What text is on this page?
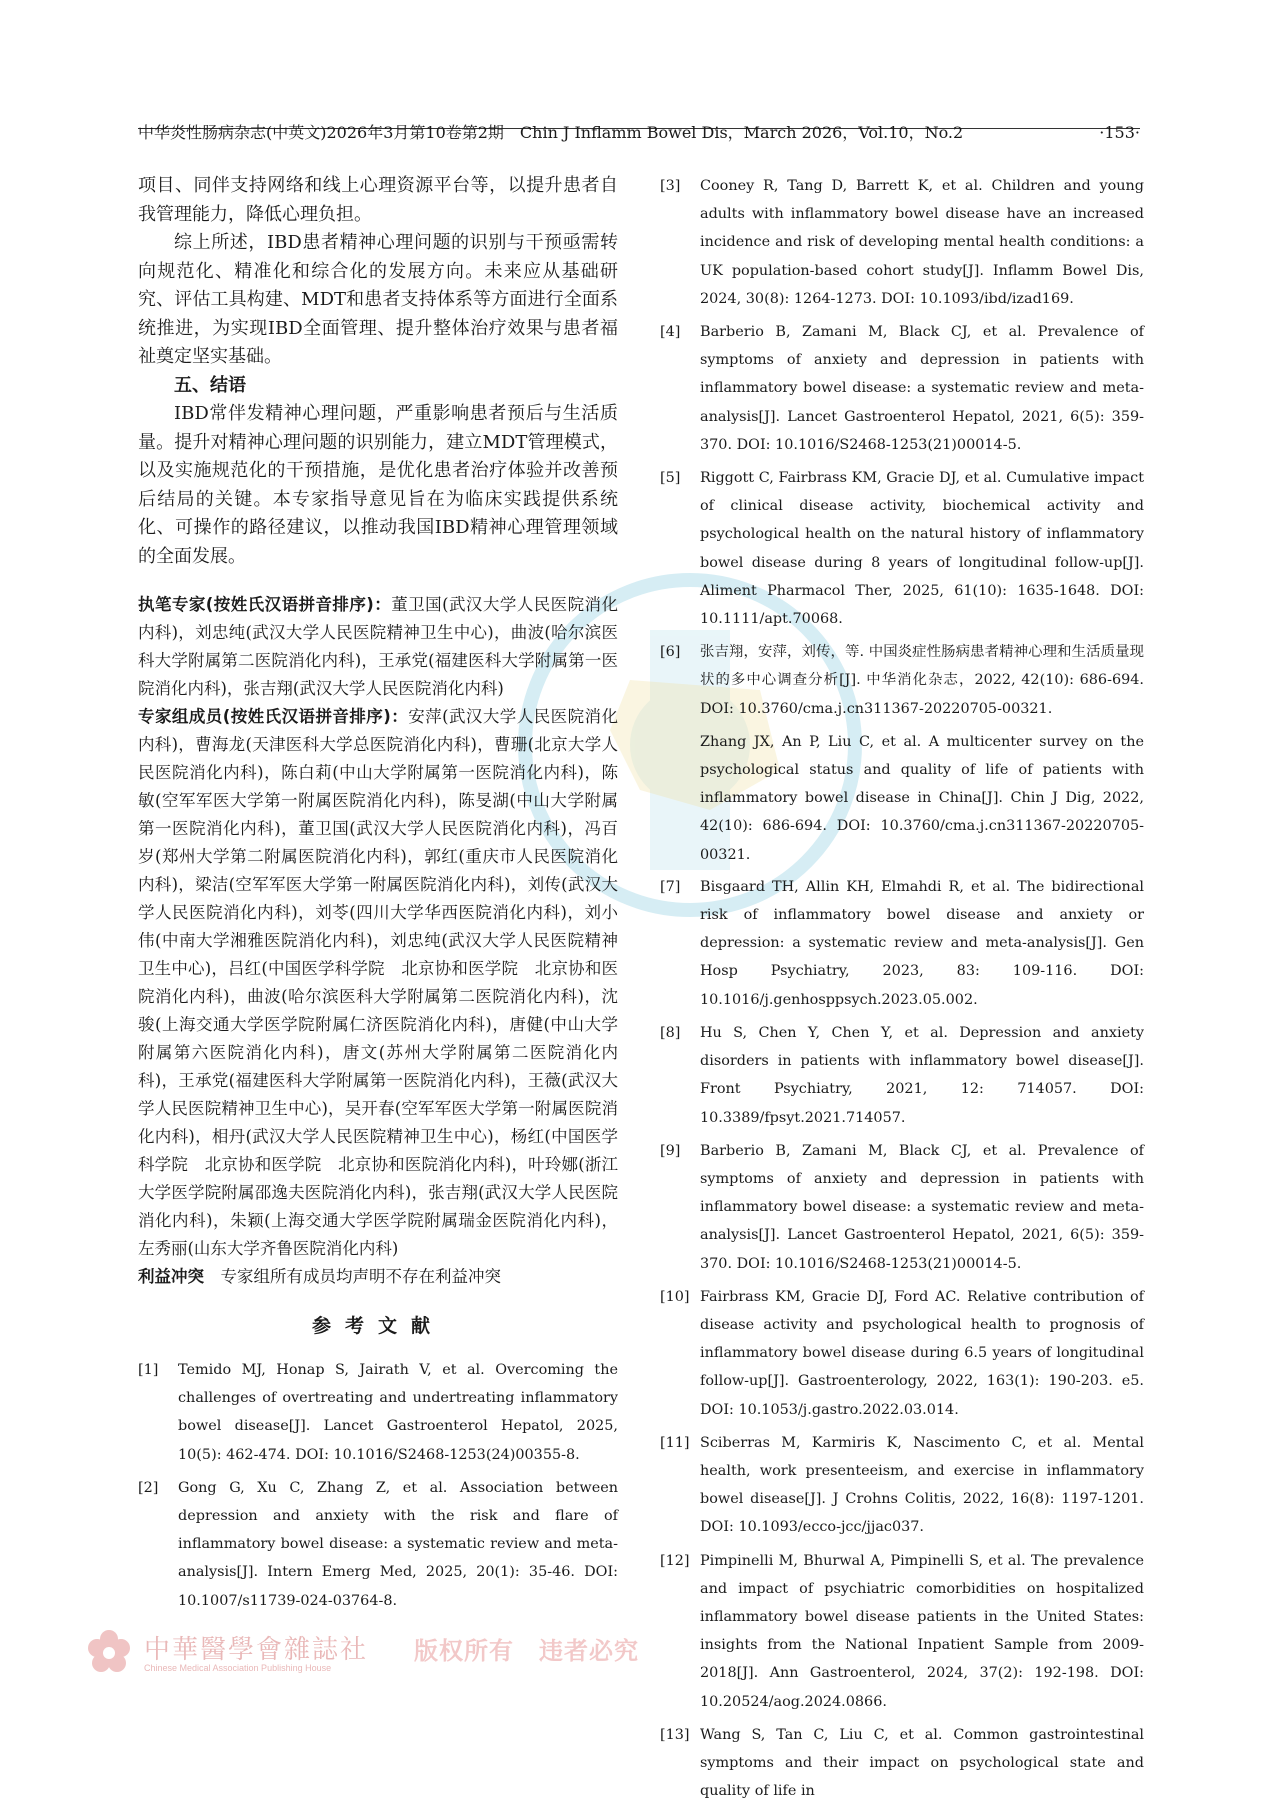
中华炎性肠病杂志(中英文)2026年3月第10卷第2期　Chin J Inflamm Bowel Dis，March 2026，Vol.10，No.2	·153·

项目、同伴支持网络和线上心理资源平台等，以提升患者自我管理能力，降低心理负担。

综上所述，IBD患者精神心理问题的识别与干预亟需转向规范化、精准化和综合化的发展方向。未来应从基础研究、评估工具构建、MDT和患者支持体系等方面进行全面系统推进，为实现IBD全面管理、提升整体治疗效果与患者福祉奠定坚实基础。

五、结语

IBD常伴发精神心理问题，严重影响患者预后与生活质量。提升对精神心理问题的识别能力，建立MDT管理模式，以及实施规范化的干预措施，是优化患者治疗体验并改善预后结局的关键。本专家指导意见旨在为临床实践提供系统化、可操作的路径建议，以推动我国IBD精神心理管理领域的全面发展。

执笔专家(按姓氏汉语拼音排序)：董卫国(武汉大学人民医院消化内科)，刘忠纯(武汉大学人民医院精神卫生中心)，曲波(哈尔滨医科大学附属第二医院消化内科)，王承党(福建医科大学附属第一医院消化内科)，张吉翔(武汉大学人民医院消化内科)

专家组成员(按姓氏汉语拼音排序)：安萍(武汉大学人民医院消化内科)，曹海龙(天津医科大学总医院消化内科)，曹珊(北京大学人民医院消化内科)，陈白莉(中山大学附属第一医院消化内科)，陈敏(空军军医大学第一附属医院消化内科)，陈旻湖(中山大学附属第一医院消化内科)，董卫国(武汉大学人民医院消化内科)，冯百岁(郑州大学第二附属医院消化内科)，郭红(重庆市人民医院消化内科)，梁洁(空军军医大学第一附属医院消化内科)，刘传(武汉大学人民医院消化内科)，刘苓(四川大学华西医院消化内科)，刘小伟(中南大学湘雅医院消化内科)，刘忠纯(武汉大学人民医院精神卫生中心)，吕红(中国医学科学院　北京协和医学院　北京协和医院消化内科)，曲波(哈尔滨医科大学附属第二医院消化内科)，沈骏(上海交通大学医学院附属仁济医院消化内科)，唐健(中山大学附属第六医院消化内科)，唐文(苏州大学附属第二医院消化内科)，王承党(福建医科大学附属第一医院消化内科)，王薇(武汉大学人民医院精神卫生中心)，吴开春(空军军医大学第一附属医院消化内科)，相丹(武汉大学人民医院精神卫生中心)，杨红(中国医学科学院　北京协和医学院　北京协和医院消化内科)，叶玲娜(浙江大学医学院附属邵逸夫医院消化内科)，张吉翔(武汉大学人民医院消化内科)，朱颖(上海交通大学医学院附属瑞金医院消化内科)，左秀丽(山东大学齐鲁医院消化内科)

利益冲突　 专家组所有成员均声明不存在利益冲突

参考文献
[1] Temido MJ, Honap S, Jairath V, et al. Overcoming the challenges of overtreating and undertreating inflammatory bowel disease[J]. Lancet Gastroenterol Hepatol, 2025, 10(5): 462-474. DOI: 10.1016/S2468-1253(24)00355-8.
[2] Gong G, Xu C, Zhang Z, et al. Association between depression and anxiety with the risk and flare of inflammatory bowel disease: a systematic review and meta-analysis[J]. Intern Emerg Med, 2025, 20(1): 35-46. DOI: 10.1007/s11739-024-03764-8.
[3] Cooney R, Tang D, Barrett K, et al. Children and young adults with inflammatory bowel disease have an increased incidence and risk of developing mental health conditions: a UK population-based cohort study[J]. Inflamm Bowel Dis, 2024, 30(8): 1264-1273. DOI: 10.1093/ibd/izad169.
[4] Barberio B, Zamani M, Black CJ, et al. Prevalence of symptoms of anxiety and depression in patients with inflammatory bowel disease: a systematic review and meta-analysis[J]. Lancet Gastroenterol Hepatol, 2021, 6(5): 359-370. DOI: 10.1016/S2468-1253(21)00014-5.
[5] Riggott C, Fairbrass KM, Gracie DJ, et al. Cumulative impact of clinical disease activity, biochemical activity and psychological health on the natural history of inflammatory bowel disease during 8 years of longitudinal follow-up[J]. Aliment Pharmacol Ther, 2025, 61(10): 1635-1648. DOI: 10.1111/apt.70068.
[6] 张吉翔，安萍，刘传，等. 中国炎症性肠病患者精神心理和生活质量现状的多中心调查分析[J]. 中华消化杂志，2022, 42(10): 686-694. DOI: 10.3760/cma.j.cn311367-20220705-00321.
Zhang JX, An P, Liu C, et al. A multicenter survey on the psychological status and quality of life of patients with inflammatory bowel disease in China[J]. Chin J Dig, 2022, 42(10): 686-694. DOI: 10.3760/cma.j.cn311367-20220705-00321.
[7] Bisgaard TH, Allin KH, Elmahdi R, et al. The bidirectional risk of inflammatory bowel disease and anxiety or depression: a systematic review and meta-analysis[J]. Gen Hosp Psychiatry, 2023, 83: 109-116. DOI: 10.1016/j.genhosppsych.2023.05.002.
[8] Hu S, Chen Y, Chen Y, et al. Depression and anxiety disorders in patients with inflammatory bowel disease[J]. Front Psychiatry, 2021, 12: 714057. DOI: 10.3389/fpsyt.2021.714057.
[9] Barberio B, Zamani M, Black CJ, et al. Prevalence of symptoms of anxiety and depression in patients with inflammatory bowel disease: a systematic review and meta-analysis[J]. Lancet Gastroenterol Hepatol, 2021, 6(5): 359-370. DOI: 10.1016/S2468-1253(21)00014-5.
[10] Fairbrass KM, Gracie DJ, Ford AC. Relative contribution of disease activity and psychological health to prognosis of inflammatory bowel disease during 6.5 years of longitudinal follow-up[J]. Gastroenterology, 2022, 163(1): 190-203. e5. DOI: 10.1053/j.gastro.2022.03.014.
[11] Sciberras M, Karmiris K, Nascimento C, et al. Mental health, work presenteeism, and exercise in inflammatory bowel disease[J]. J Crohns Colitis, 2022, 16(8): 1197-1201. DOI: 10.1093/ecco-jcc/jjac037.
[12] Pimpinelli M, Bhurwal A, Pimpinelli S, et al. The prevalence and impact of psychiatric comorbidities on hospitalized inflammatory bowel disease patients in the United States: insights from the National Inpatient Sample from 2009-2018[J]. Ann Gastroenterol, 2024, 37(2): 192-198. DOI: 10.20524/aog.2024.0866.
[13] Wang S, Tan C, Liu C, et al. Common gastrointestinal symptoms and their impact on psychological state and quality of life in
中華醫學會雜誌社
Chinese Medical Association Publishing House
版权所有　违者必究
